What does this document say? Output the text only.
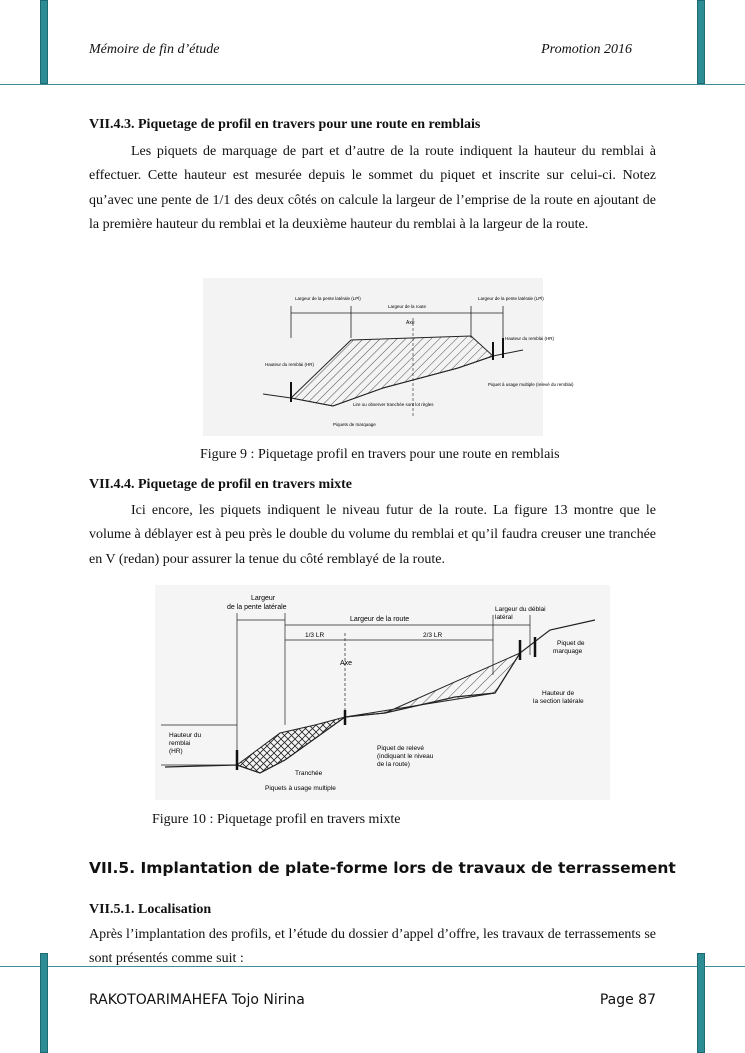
Mémoire de fin d’étude	Promotion 2016
VII.4.3. Piquetage de profil en travers pour une route en remblais
Les piquets de marquage de part et d’autre de la route indiquent la hauteur du remblai à effectuer. Cette hauteur est mesurée depuis le sommet du piquet et inscrite sur celui-ci. Notez qu’avec une pente de 1/1 des deux côtés on calcule la largeur de l’emprise de la route en ajoutant de la première hauteur du remblai et la deuxième hauteur du remblai à la largeur de la route.
Largeur de la pente latérale (LPl)
Largeur de la route
Largeur de la pente latérale (LPl)
Axe
Hauteur du remblai (HR)
Hauteur du remblai (HR)
Piquet à usage multiple (relevé du remblai)
Lire ou observer tranchée sont lot règles
Piquets de marquage
Figure 9 : Piquetage profil en travers pour une route en remblais
VII.4.4. Piquetage de profil en travers mixte
Ici encore, les piquets indiquent le niveau futur de la route. La figure 13 montre que le volume à déblayer est à peu près le double du volume du remblai et qu’il faudra creuser une tranchée en V (redan) pour assurer la tenue du côté remblayé de la route.
Largeur
de la pente latérale
Largeur de la route
Largeur du déblai
latéral
1/3 LR	2/3 LR
Axe
Piquet de
marquage
Hauteur de
la section latérale
Hauteur du
remblai
(HR)	Piquet de relevé
(indiquant le niveau
de la route)
Tranchée
Piquets à usage multiple
Figure 10 : Piquetage profil en travers mixte
VII.5. Implantation de plate-forme lors de travaux de terrassement
VII.5.1. Localisation
Après l’implantation des profils, et l’étude du dossier d’appel d’offre, les travaux de terrassements se sont présentés comme suit :
RAKOTOARIMAHEFA Tojo Nirina	Page 87
